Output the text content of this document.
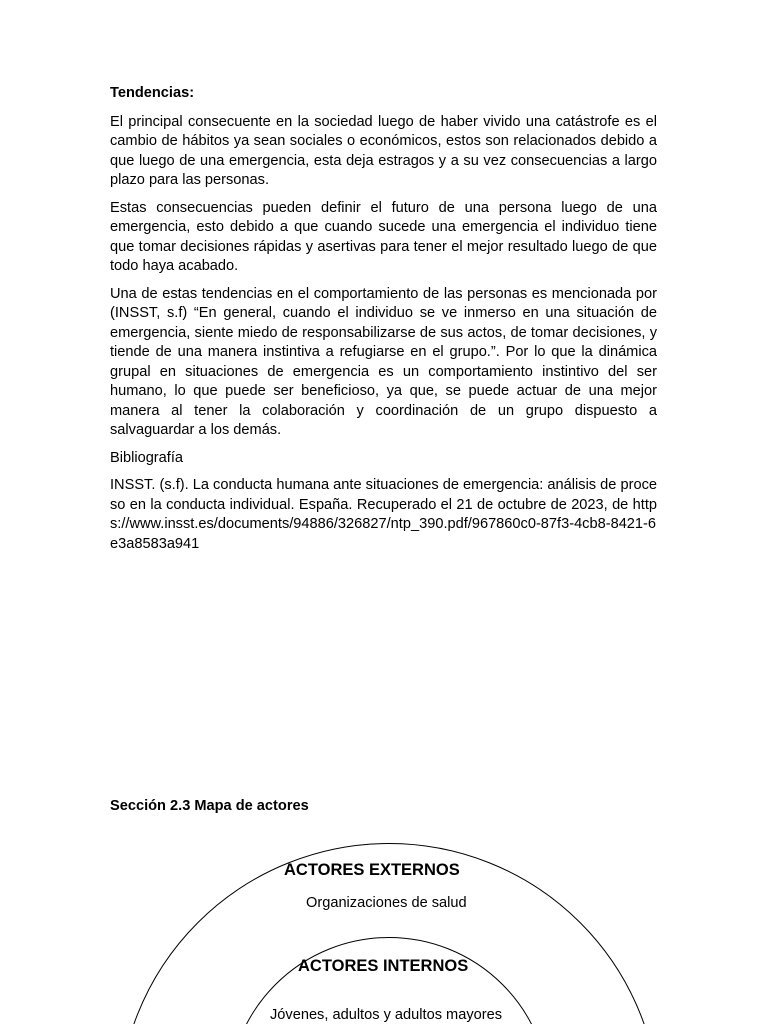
Tendencias:

El principal consecuente en la sociedad luego de haber vivido una catástrofe es el cambio de hábitos ya sean sociales o económicos, estos son relacionados debido a que luego de una emergencia, esta deja estragos y a su vez consecuencias a largo plazo para las personas.

Estas consecuencias pueden definir el futuro de una persona luego de una emergencia, esto debido a que cuando sucede una emergencia el individuo tiene que tomar decisiones rápidas y asertivas para tener el mejor resultado luego de que todo haya acabado.

Una de estas tendencias en el comportamiento de las personas es mencionada por (INSST, s.f) “En general, cuando el individuo se ve inmerso en una situación de emergencia, siente miedo de responsabilizarse de sus actos, de tomar decisiones, y tiende de una manera instintiva a refugiarse en el grupo.”. Por lo que la dinámica grupal en situaciones de emergencia es un comportamiento instintivo del ser humano, lo que puede ser beneficioso, ya que, se puede actuar de una mejor manera al tener la colaboración y coordinación de un grupo dispuesto a salvaguardar a los demás.

Bibliografía

INSST. (s.f). La conducta humana ante situaciones de emergencia: análisis de proceso en la conducta individual. España. Recuperado el 21 de octubre de 2023, de https://www.insst.es/documents/94886/326827/ntp_390.pdf/967860c0-87f3-4cb8-8421-6e3a8583a941

Sección 2.3 Mapa de actores

ACTORES EXTERNOS
Organizaciones de salud
ACTORES INTERNOS
Jóvenes, adultos y adultos mayores
